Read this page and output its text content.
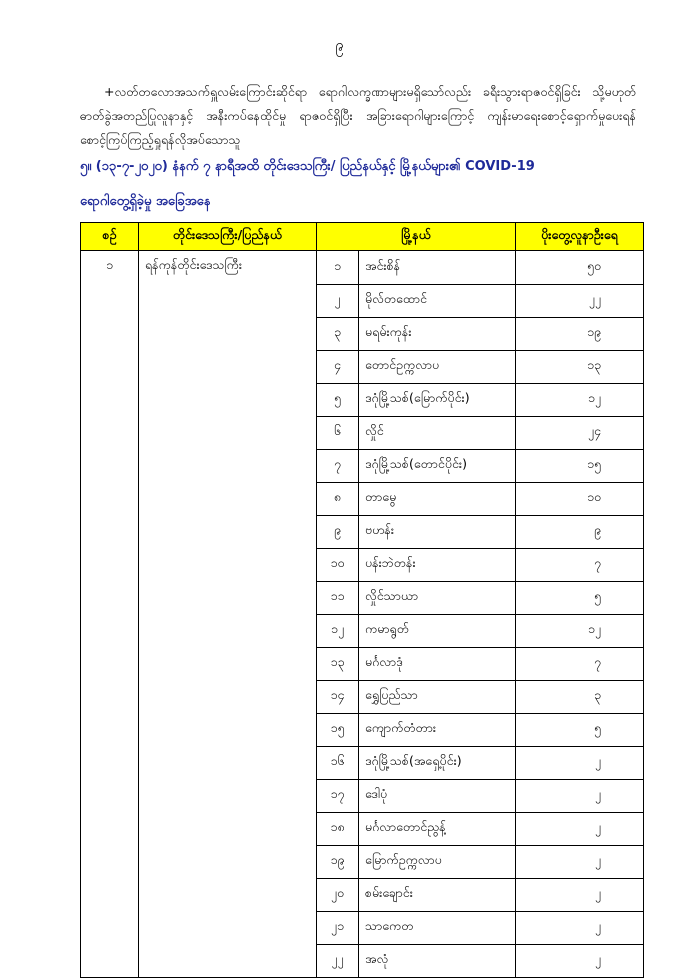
၉
+လတ်တလောအသက်ရှူလမ်းကြောင်းဆိုင်ရာ ရောဂါလက္ခဏာများမရှိသော်လည်း ခရီးသွားရာဇဝင်ရှိခြင်း သို့မဟုတ် ဓာတ်ခွဲအတည်ပြုလူနာနှင့် အနီးကပ်နေထိုင်မှု ရာဇဝင်ရှိပြီး အခြားရောဂါများကြောင့် ကျန်းမာရေးစောင့်ရှောက်မှုပေးရန်စောင့်ကြပ်ကြည့်ရှုရန်လိုအပ်သောသူ
၅။ (၁၃-၇-၂၀၂၀) နံနက် ၇ နာရီအထိ တိုင်းဒေသကြီး/ ပြည်နယ်နှင့် မြို့နယ်များ၏ COVID-19
ရောဂါတွေ့ရှိခဲ့မှု အခြေအနေ
စဉ်	တိုင်းဒေသကြီး/ပြည်နယ်	မြို့နယ်		ပိုးတွေ့လူနာဦးရေ
၁	ရန်ကုန်တိုင်းဒေသကြီး	၁	အင်းစိန်	၅၀
		၂	မိုလ်တထောင်	၂၂
		၃	မရမ်းကုန်း	၁၉
		၄	တောင်ဥက္ကလာပ	၁၃
		၅	ဒဂုံမြို့သစ်(မြောက်ပိုင်း)	၁၂
		၆	လှိုင်	၂၄
		၇	ဒဂုံမြို့သစ်(တောင်ပိုင်း)	၁၅
		၈	တာမွေ	၁၀
		၉	ဗဟန်း	၉
		၁၀	ပန်းဘဲတန်း	၇
		၁၁	လှိုင်သာယာ	၅
		၁၂	ကမာရွတ်	၁၂
		၁၃	မင်္ဂလာဒုံ	၇
		၁၄	ရွှေပြည်သာ	၃
		၁၅	ကျောက်တံတား	၅
		၁၆	ဒဂုံမြို့သစ်(အရှေ့ပိုင်း)	၂
		၁၇	ဒေါပုံ	၂
		၁၈	မင်္ဂလာတောင်ညွန့်	၂
		၁၉	မြောက်ဥက္ကလာပ	၂
		၂၀	စမ်းချောင်း	၂
		၂၁	သာကေတ	၂
		၂၂	အလုံ	၂
